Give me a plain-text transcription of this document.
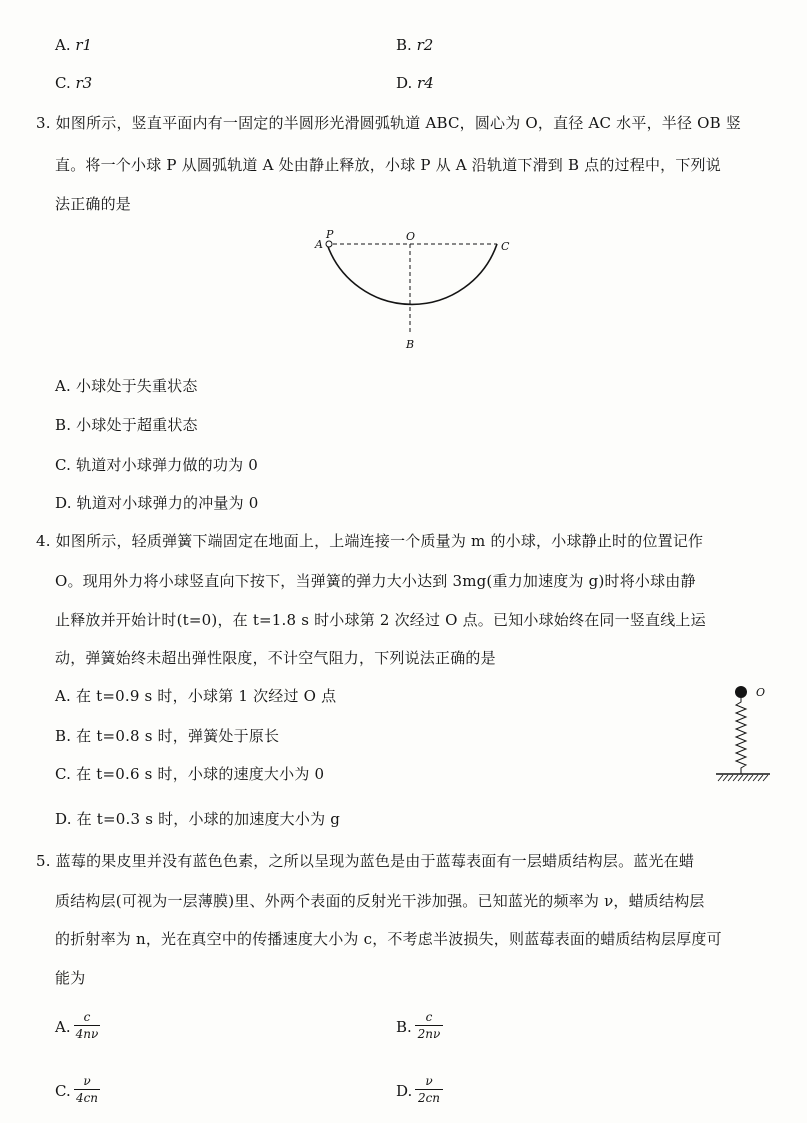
A. r1	B. r2
C. r3	D. r4
3. 如图所示，竖直平面内有一固定的半圆形光滑圆弧轨道 ABC，圆心为 O，直径 AC 水平，半径 OB 竖
直。将一个小球 P 从圆弧轨道 A 处由静止释放，小球 P 从 A 沿轨道下滑到 B 点的过程中，下列说
法正确的是
A
P	O
C
B
A. 小球处于失重状态
B. 小球处于超重状态
C. 轨道对小球弹力做的功为 0
D. 轨道对小球弹力的冲量为 0
4. 如图所示，轻质弹簧下端固定在地面上，上端连接一个质量为 m 的小球，小球静止时的位置记作
O。现用外力将小球竖直向下按下，当弹簧的弹力大小达到 3mg(重力加速度为 g)时将小球由静
止释放并开始计时(t=0)，在 t=1.8 s 时小球第 2 次经过 O 点。已知小球始终在同一竖直线上运
动，弹簧始终未超出弹性限度，不计空气阻力，下列说法正确的是
A. 在 t=0.9 s 时，小球第 1 次经过 O 点
B. 在 t=0.8 s 时，弹簧处于原长
C. 在 t=0.6 s 时，小球的速度大小为 0
D. 在 t=0.3 s 时，小球的加速度大小为 g
O
5. 蓝莓的果皮里并没有蓝色色素，之所以呈现为蓝色是由于蓝莓表面有一层蜡质结构层。蓝光在蜡
质结构层(可视为一层薄膜)里、外两个表面的反射光干涉加强。已知蓝光的频率为 ν，蜡质结构层
的折射率为 n，光在真空中的传播速度大小为 c，不考虑半波损失，则蓝莓表面的蜡质结构层厚度可
能为
A.
c
4nν	B.
c
2nν
C.
ν
4cn	D.
ν
2cn
